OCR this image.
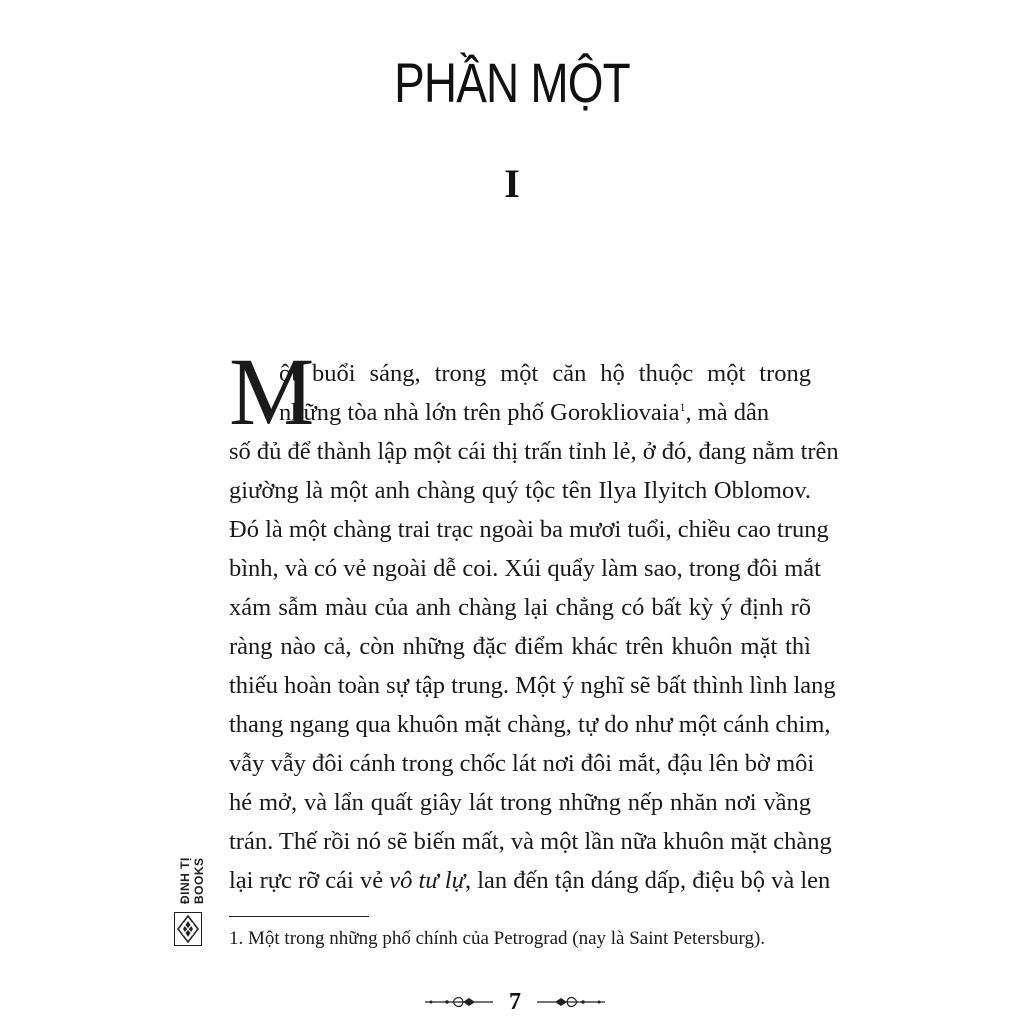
PHẦN MỘT
I
M
ột buổi sáng, trong một căn hộ thuộc một trong
những tòa nhà lớn trên phố Gorokliovaia$^1$, mà dân
số đủ để thành lập một cái thị trấn tỉnh lẻ, ở đó, đang nằm trên
giường là một anh chàng quý tộc tên Ilya Ilyitch Oblomov.
Đó là một chàng trai trạc ngoài ba mươi tuổi, chiều cao trung
bình, và có vẻ ngoài dễ coi. Xúi quẩy làm sao, trong đôi mắt
xám sẫm màu của anh chàng lại chẳng có bất kỳ ý định rõ
ràng nào cả, còn những đặc điểm khác trên khuôn mặt thì
thiếu hoàn toàn sự tập trung. Một ý nghĩ sẽ bất thình lình lang
thang ngang qua khuôn mặt chàng, tự do như một cánh chim,
vẫy vẫy đôi cánh trong chốc lát nơi đôi mắt, đậu lên bờ môi
hé mở, và lẩn quất giây lát trong những nếp nhăn nơi vầng
trán. Thế rồi nó sẽ biến mất, và một lần nữa khuôn mặt chàng
lại rực rỡ cái vẻ vô tư lự, lan đến tận dáng dấp, điệu bộ và len
1. Một trong những phố chính của Petrograd (nay là Saint Petersburg).
7
ĐINH TỊ BOOKS
